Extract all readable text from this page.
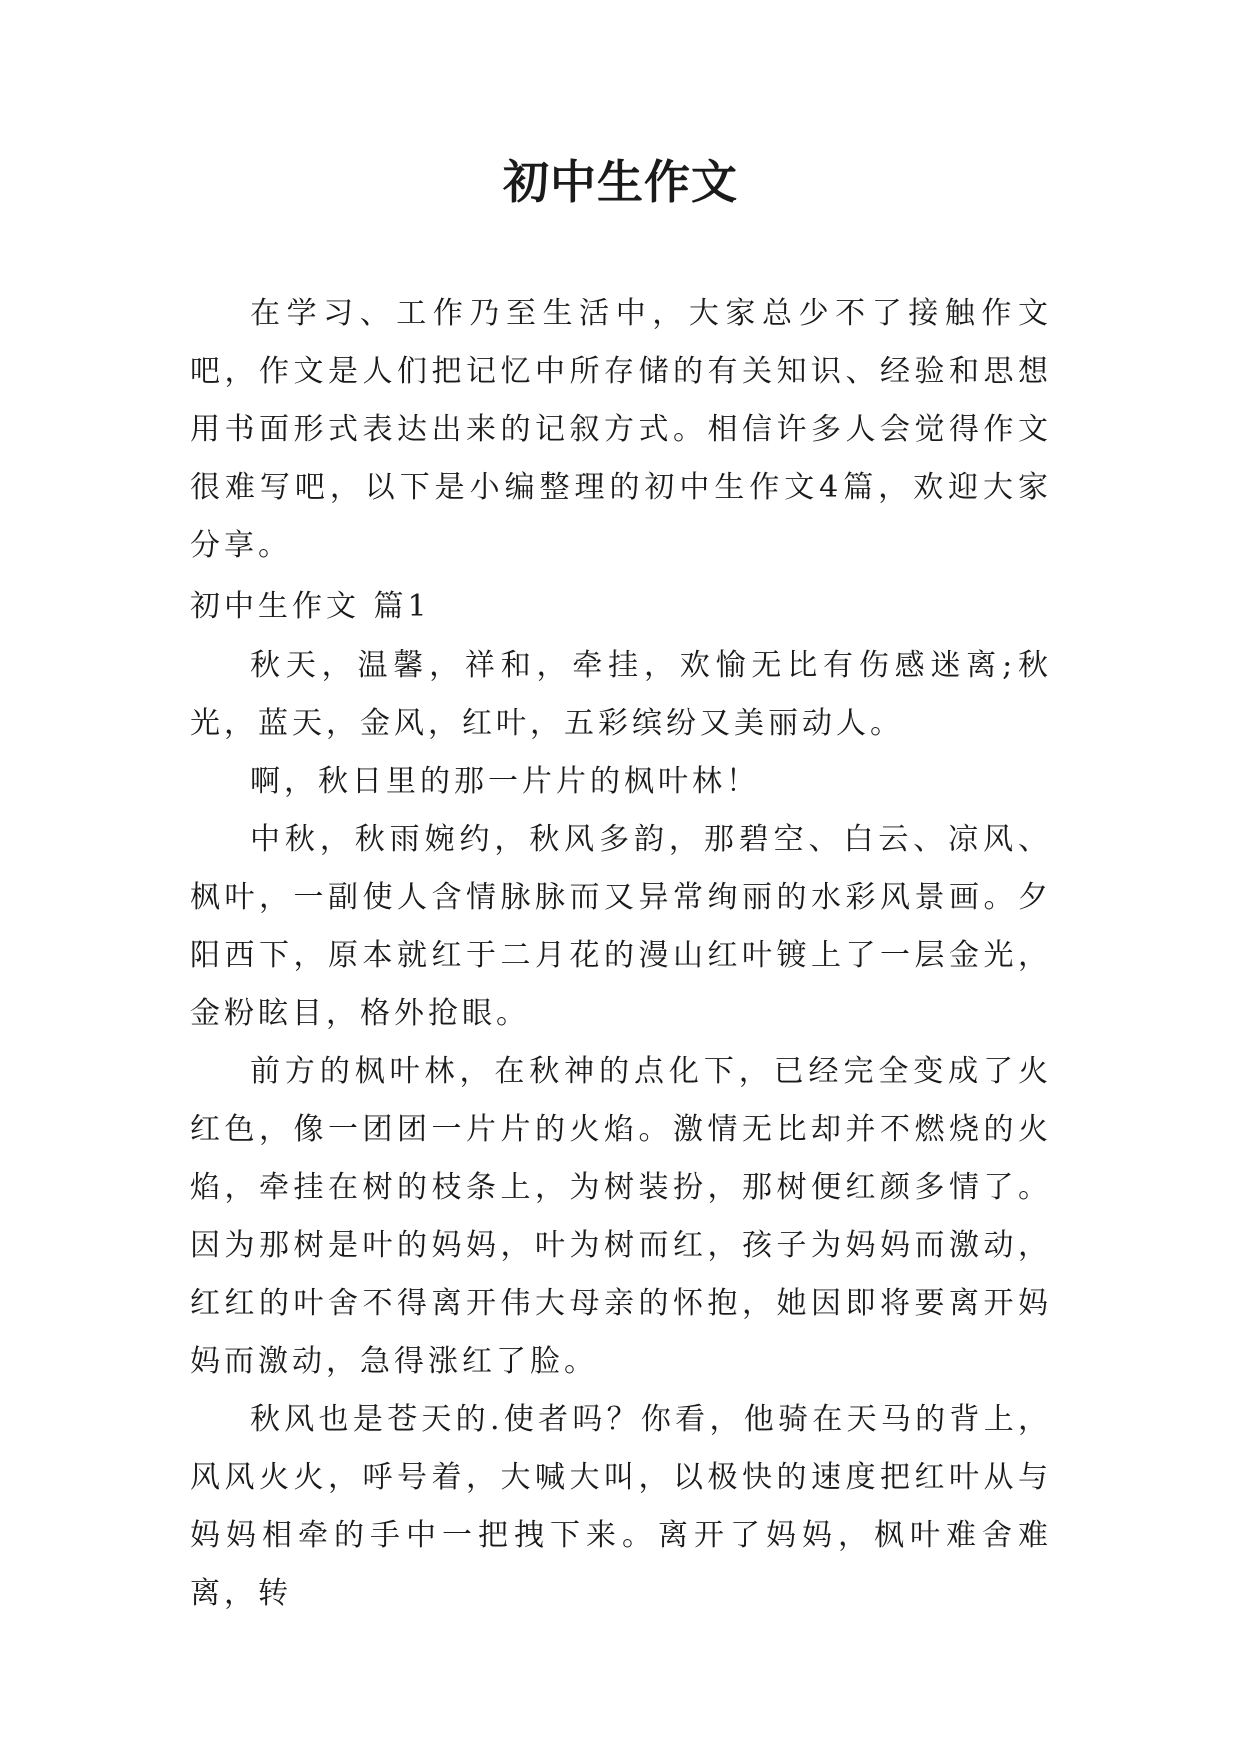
初中生作文

在学习、工作乃至生活中，大家总少不了接触作文吧，作文是人们把记忆中所存储的有关知识、经验和思想用书面形式表达出来的记叙方式。相信许多人会觉得作文很难写吧，以下是小编整理的初中生作文4篇，欢迎大家分享。

初中生作文 篇1

秋天，温馨，祥和，牵挂，欢愉无比有伤感迷离;秋光，蓝天，金风，红叶，五彩缤纷又美丽动人。

啊，秋日里的那一片片的枫叶林！

中秋，秋雨婉约，秋风多韵，那碧空、白云、凉风、枫叶，一副使人含情脉脉而又异常绚丽的水彩风景画。夕阳西下，原本就红于二月花的漫山红叶镀上了一层金光，金粉眩目，格外抢眼。

前方的枫叶林，在秋神的点化下，已经完全变成了火红色，像一团团一片片的火焰。激情无比却并不燃烧的火焰，牵挂在树的枝条上，为树装扮，那树便红颜多情了。因为那树是叶的妈妈，叶为树而红，孩子为妈妈而激动，红红的叶舍不得离开伟大母亲的怀抱，她因即将要离开妈妈而激动，急得涨红了脸。

秋风也是苍天的.使者吗？你看，他骑在天马的背上，风风火火，呼号着，大喊大叫，以极快的速度把红叶从与妈妈相牵的手中一把拽下来。离开了妈妈，枫叶难舍难离，转
